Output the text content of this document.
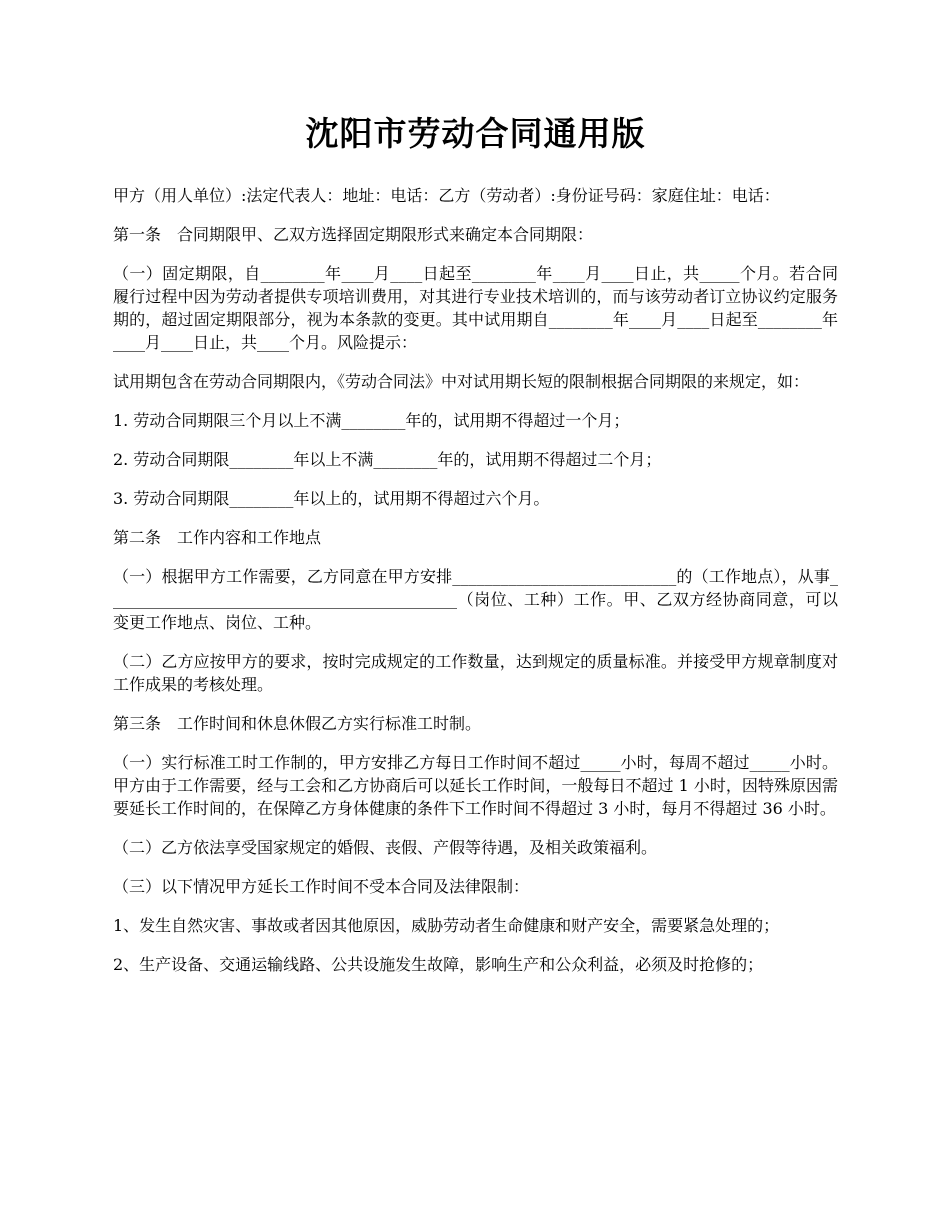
沈阳市劳动合同通用版

甲方（用人单位）:法定代表人：地址：电话：乙方（劳动者）:身份证号码：家庭住址：电话：

第一条　合同期限甲、乙双方选择固定期限形式来确定本合同期限：

（一）固定期限，自________年____月____日起至________年____月____日止，共_____个月。若合同履行过程中因为劳动者提供专项培训费用，对其进行专业技术培训的，而与该劳动者订立协议约定服务期的，超过固定期限部分，视为本条款的变更。其中试用期自________年____月____日起至________年____月____日止，共____个月。风险提示：

试用期包含在劳动合同期限内，《劳动合同法》中对试用期长短的限制根据合同期限的来规定，如：

1. 劳动合同期限三个月以上不满________年的，试用期不得超过一个月；

2. 劳动合同期限________年以上不满________年的，试用期不得超过二个月；

3. 劳动合同期限________年以上的，试用期不得超过六个月。

第二条　工作内容和工作地点

（一）根据甲方工作需要，乙方同意在甲方安排____________________________的（工作地点），从事____________________________________________（岗位、工种）工作。甲、乙双方经协商同意，可以变更工作地点、岗位、工种。

（二）乙方应按甲方的要求，按时完成规定的工作数量，达到规定的质量标准。并接受甲方规章制度对工作成果的考核处理。

第三条　工作时间和休息休假乙方实行标准工时制。

（一）实行标准工时工作制的，甲方安排乙方每日工作时间不超过_____小时，每周不超过_____小时。甲方由于工作需要，经与工会和乙方协商后可以延长工作时间，一般每日不超过 1 小时，因特殊原因需要延长工作时间的，在保障乙方身体健康的条件下工作时间不得超过 3 小时，每月不得超过 36 小时。

（二）乙方依法享受国家规定的婚假、丧假、产假等待遇，及相关政策福利。

（三）以下情况甲方延长工作时间不受本合同及法律限制：

1、发生自然灾害、事故或者因其他原因，威胁劳动者生命健康和财产安全，需要紧急处理的；

2、生产设备、交通运输线路、公共设施发生故障，影响生产和公众利益，必须及时抢修的；
